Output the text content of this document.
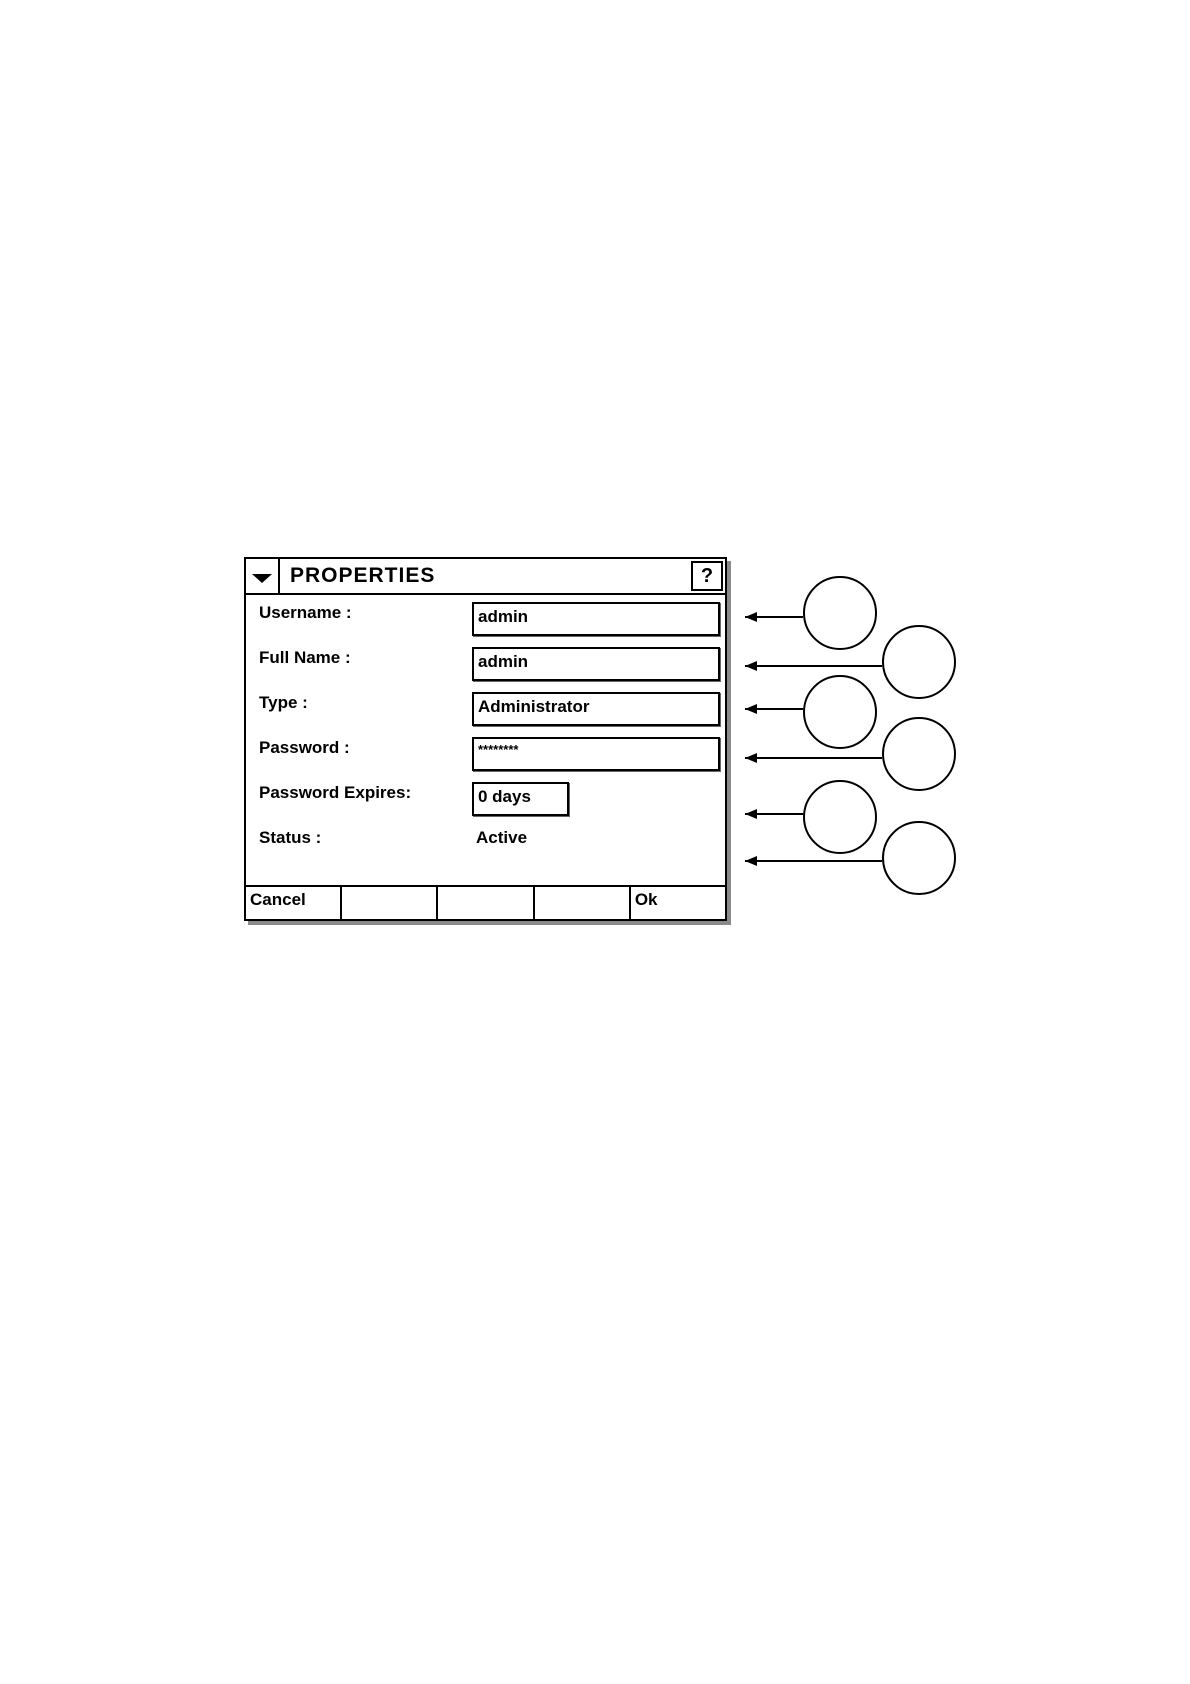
PROPERTIES	?
Username :	admin
Full Name :	admin
Type :	Administrator
Password :	********
Password Expires:	0 days
Status :	Active
Cancel	Ok
